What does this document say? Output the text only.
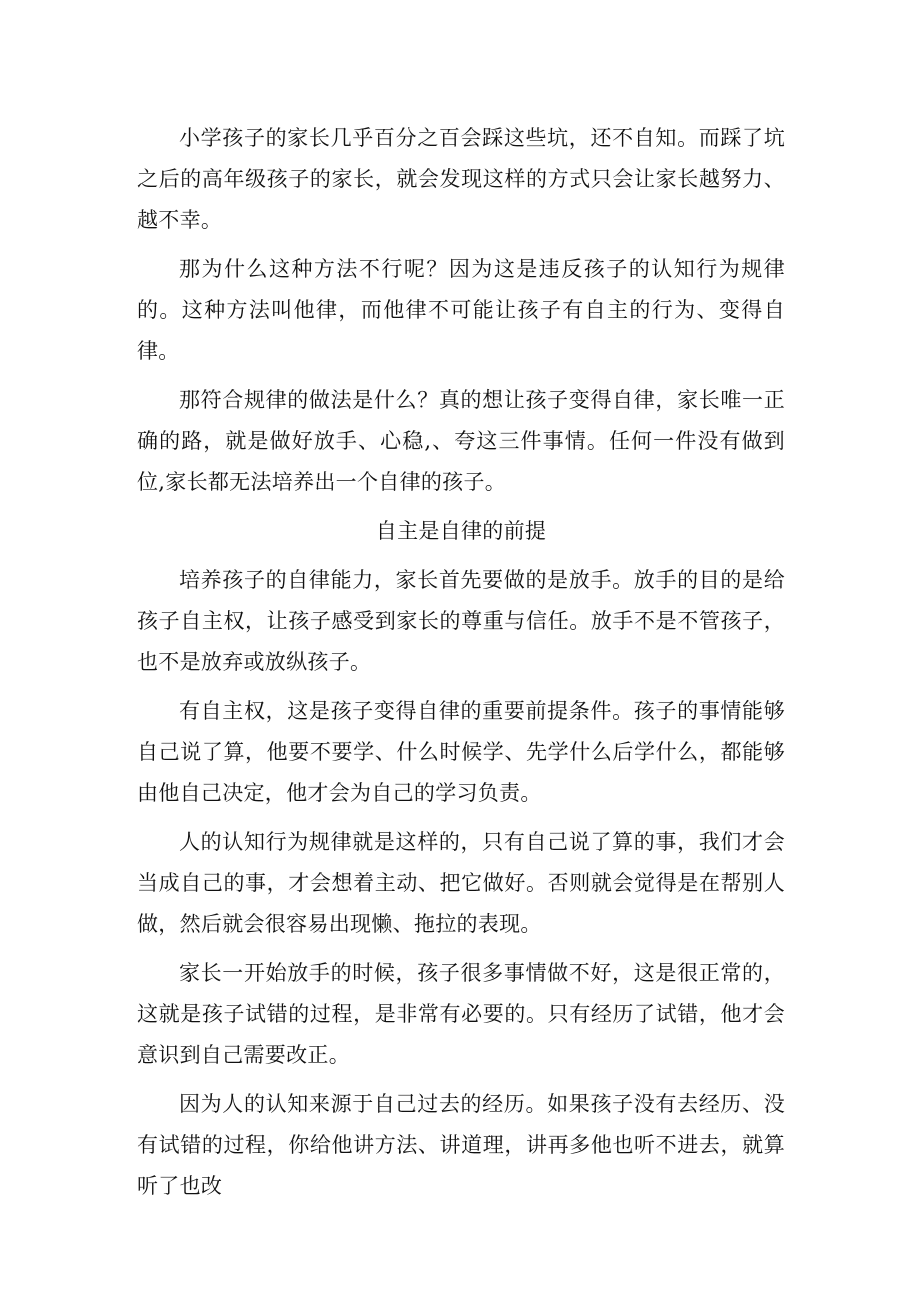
小学孩子的家长几乎百分之百会踩这些坑，还不自知。而踩了坑之后的高年级孩子的家长，就会发现这样的方式只会让家长越努力、越不幸。

那为什么这种方法不行呢？因为这是违反孩子的认知行为规律的。这种方法叫他律，而他律不可能让孩子有自主的行为、变得自律。

那符合规律的做法是什么？真的想让孩子变得自律，家长唯一正确的路，就是做好放手、心稳,、夸这三件事情。任何一件没有做到位,家长都无法培养出一个自律的孩子。

自主是自律的前提

培养孩子的自律能力，家长首先要做的是放手。放手的目的是给孩子自主权，让孩子感受到家长的尊重与信任。放手不是不管孩子，也不是放弃或放纵孩子。

有自主权，这是孩子变得自律的重要前提条件。孩子的事情能够自己说了算，他要不要学、什么时候学、先学什么后学什么，都能够由他自己决定，他才会为自己的学习负责。

人的认知行为规律就是这样的，只有自己说了算的事，我们才会当成自己的事，才会想着主动、把它做好。否则就会觉得是在帮别人做，然后就会很容易出现懒、拖拉的表现。

家长一开始放手的时候，孩子很多事情做不好，这是很正常的，这就是孩子试错的过程，是非常有必要的。只有经历了试错，他才会意识到自己需要改正。

因为人的认知来源于自己过去的经历。如果孩子没有去经历、没有试错的过程，你给他讲方法、讲道理，讲再多他也听不进去，就算听了也改
